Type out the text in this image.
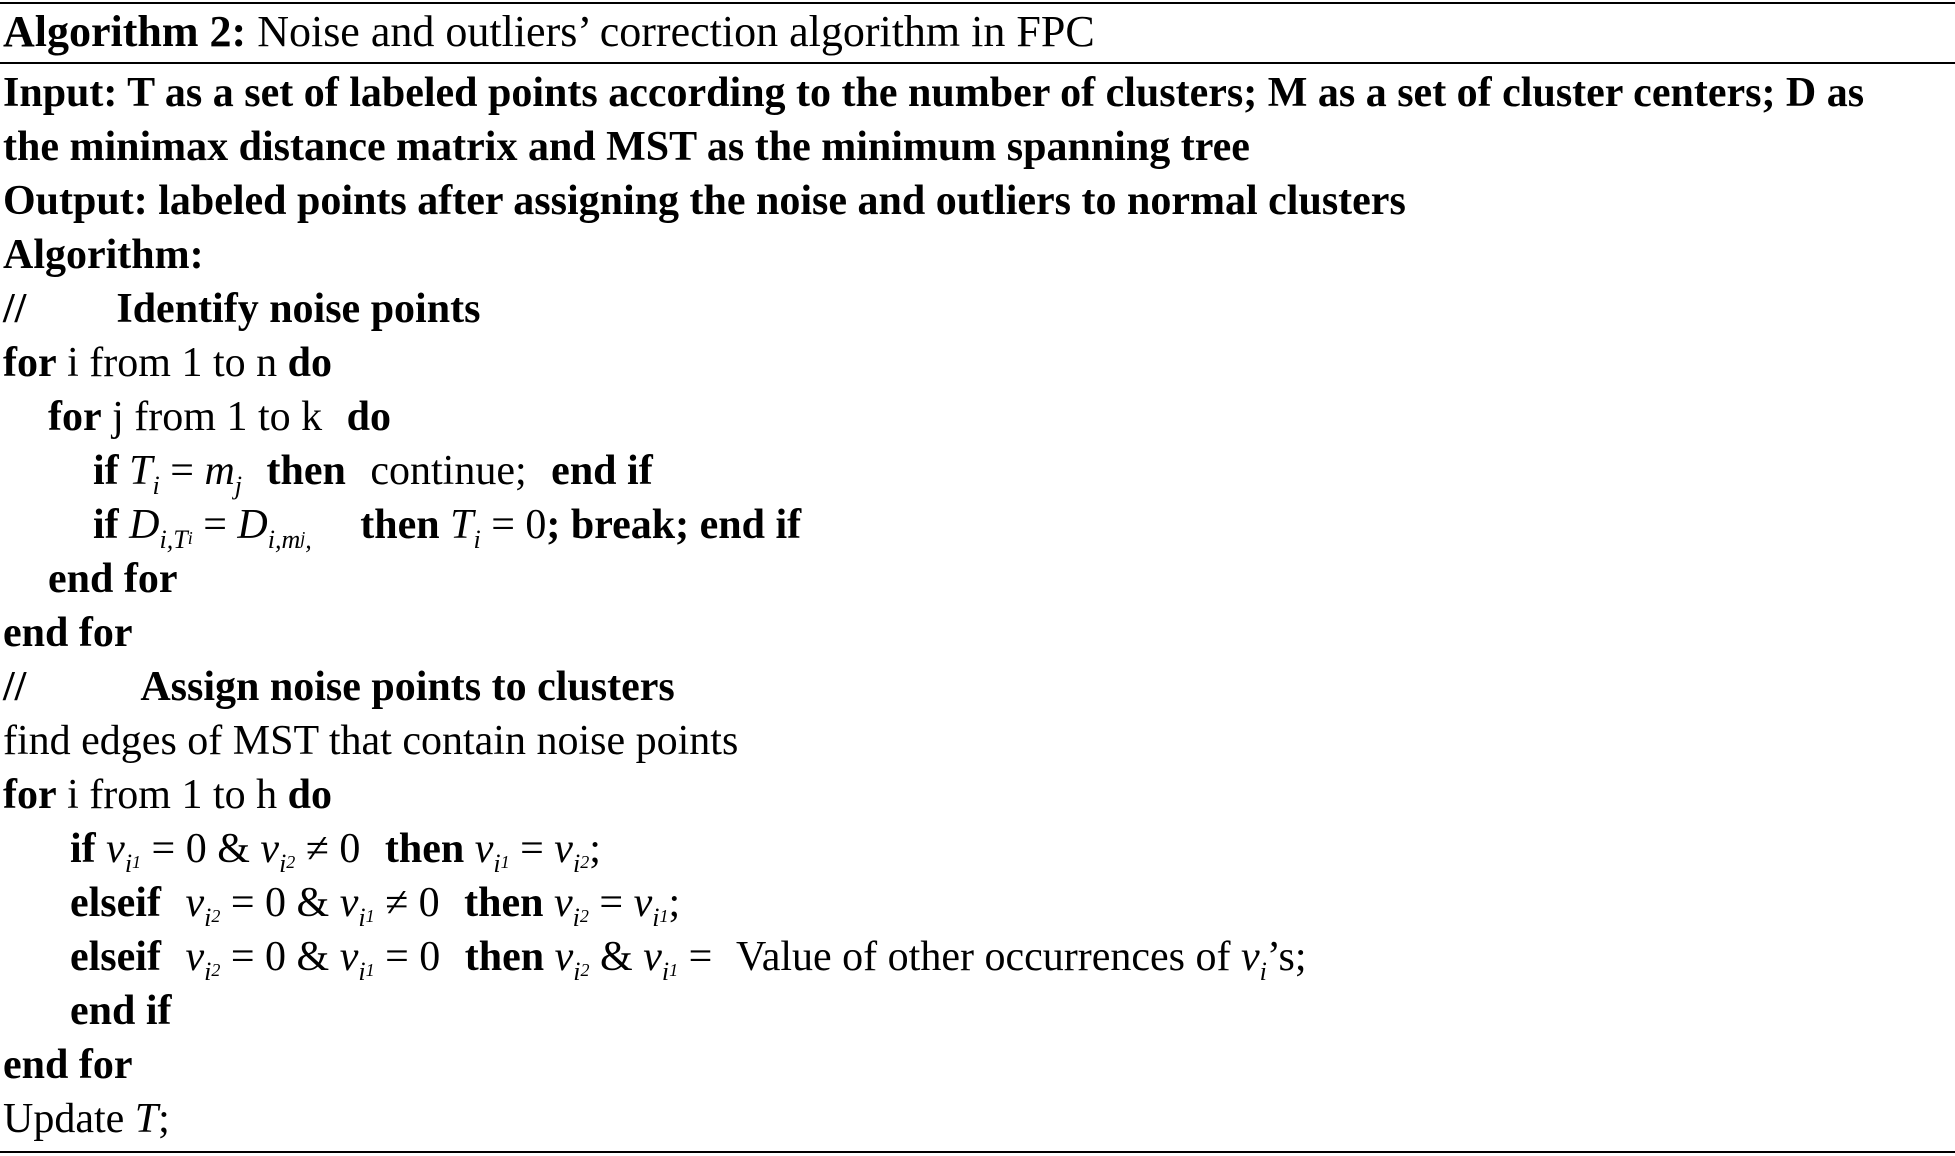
Algorithm 2: Noise and outliers’ correction algorithm in FPC
Input: T as a set of labeled points according to the number of clusters; M as a set of cluster centers; D as
the minimax distance matrix and MST as the minimum spanning tree
Output: labeled points after assigning the noise and outliers to normal clusters
Algorithm:
// Identify noise points
for i from 1 to n do
for j from 1 to k do
if $T_i = m_j$ then continue; end if
if $D_{i,T}i = D_{i,m}j_,$ then $T_i = 0$; break; end if
end for
end for
//	Assign noise points to clusters
find edges of MST that contain noise points
for i from 1 to h do
if $v_i1 = 0$ & $v_i2 \ne 0$ then $v_i1 = v_i2$;
elseif $v_i2 = 0$ & $v_i1 \ne 0$ then $v_i2 = v_i1$;
elseif $v_i2 = 0$ & $v_i1 = 0$ then $v_i2$ & $v_i1$ = Value of other occurrences of $v_i’s$;
end if
end for
Update T;
